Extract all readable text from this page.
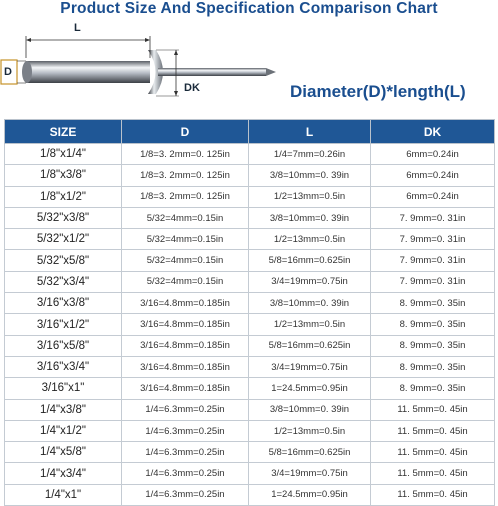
Product Size And Specification Comparison Chart
L
D
DK	Diameter(D)*length(L)
SIZE	D	L	DK
1/8"x1/4"	1/8=3. 2mm=0. 125in	1/4=7mm=0.26in	6mm=0.24in
1/8"x3/8"	1/8=3. 2mm=0. 125in	3/8=10mm=0. 39in	6mm=0.24in
1/8"x1/2"	1/8=3. 2mm=0. 125in	1/2=13mm=0.5in	6mm=0.24in
5/32"x3/8"	5/32=4mm=0.15in	3/8=10mm=0. 39in	7. 9mm=0. 31in
5/32"x1/2"	5/32=4mm=0.15in	1/2=13mm=0.5in	7. 9mm=0. 31in
5/32"x5/8"	5/32=4mm=0.15in	5/8=16mm=0.625in	7. 9mm=0. 31in
5/32"x3/4"	5/32=4mm=0.15in	3/4=19mm=0.75in	7. 9mm=0. 31in
3/16"x3/8"	3/16=4.8mm=0.185in	3/8=10mm=0. 39in	8. 9mm=0. 35in
3/16"x1/2"	3/16=4.8mm=0.185in	1/2=13mm=0.5in	8. 9mm=0. 35in
3/16"x5/8"	3/16=4.8mm=0.185in	5/8=16mm=0.625in	8. 9mm=0. 35in
3/16"x3/4"	3/16=4.8mm=0.185in	3/4=19mm=0.75in	8. 9mm=0. 35in
3/16"x1"	3/16=4.8mm=0.185in	1=24.5mm=0.95in	8. 9mm=0. 35in
1/4"x3/8"	1/4=6.3mm=0.25in	3/8=10mm=0. 39in	11. 5mm=0. 45in
1/4"x1/2"	1/4=6.3mm=0.25in	1/2=13mm=0.5in	11. 5mm=0. 45in
1/4"x5/8"	1/4=6.3mm=0.25in	5/8=16mm=0.625in	11. 5mm=0. 45in
1/4"x3/4"	1/4=6.3mm=0.25in	3/4=19mm=0.75in	11. 5mm=0. 45in
1/4"x1"	1/4=6.3mm=0.25in	1=24.5mm=0.95in	11. 5mm=0. 45in
